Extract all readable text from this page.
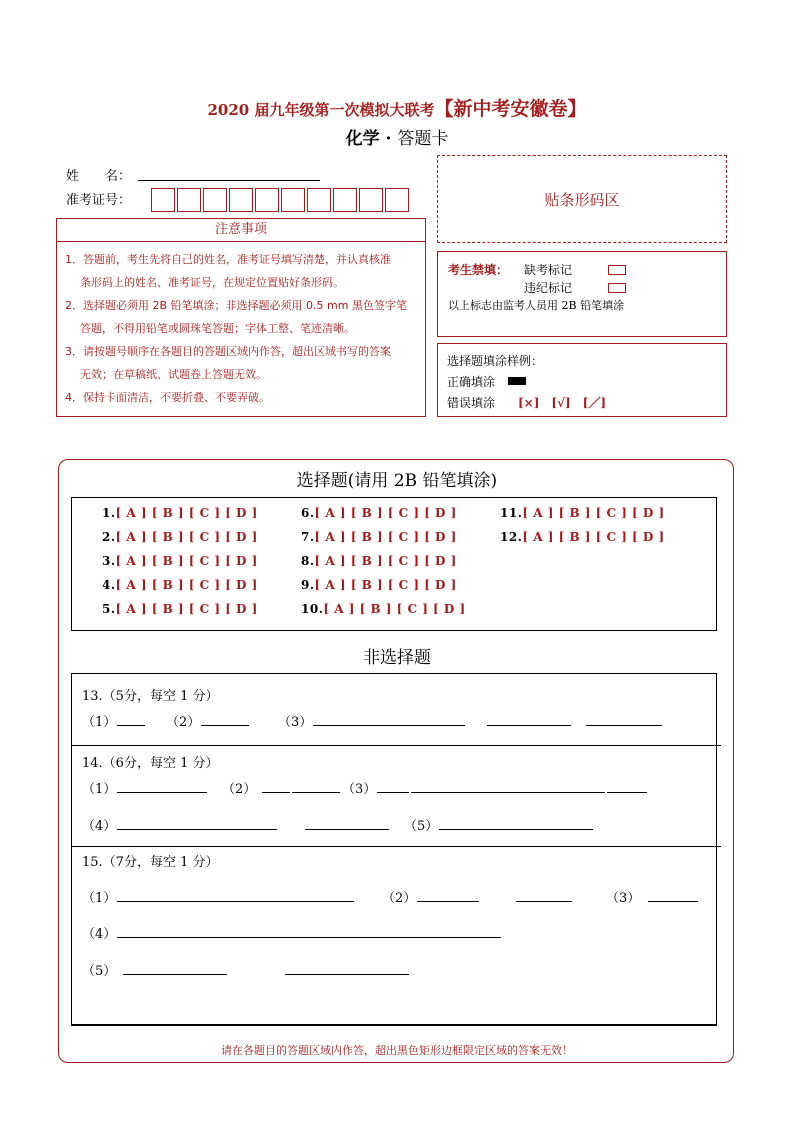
2020 届九年级第一次模拟大联考【新中考安徽卷】
化学 · 答题卡
姓　　名：
准考证号：	贴条形码区
注意事项

1．答题前，考生先将自己的姓名，准考证号填写清楚，并认真核准

条形码上的姓名、准考证号，在规定位置贴好条形码。

2．选择题必须用 2B 铅笔填涂；非选择题必须用 0.5 mm 黑色签字笔

答题，不得用铅笔或圆珠笔答题；字体工整、笔迹清晰。

3．请按题号顺序在各题目的答题区域内作答，超出区域书写的答案

无效；在草稿纸、试题卷上答题无效。

4．保持卡面清洁，不要折叠、不要弄破。

考生禁填： 缺考标记
违纪标记
以上标志由监考人员用 2B 铅笔填涂
选择题填涂样例：
正确填涂
错误填涂 [×]　[√]　[／]
选择题(请用 2B 铅笔填涂)
1.[ A ] [ B ] [ C ] [ D ]
2.[ A ] [ B ] [ C ] [ D ]
3.[ A ] [ B ] [ C ] [ D ]
4.[ A ] [ B ] [ C ] [ D ]
5.[ A ] [ B ] [ C ] [ D ]
6.[ A ] [ B ] [ C ] [ D ]
7.[ A ] [ B ] [ C ] [ D ]
8.[ A ] [ B ] [ C ] [ D ]
9.[ A ] [ B ] [ C ] [ D ]
10.[ A ] [ B ] [ C ] [ D ]
11.[ A ] [ B ] [ C ] [ D ]
12.[ A ] [ B ] [ C ] [ D ]
非选择题
13.（5分，每空 1 分）
（1）	（2）	（3）
14.（6分，每空 1 分）
（1）	（2）	（3）
（4）	（5）
15.（7分，每空 1 分）
（1）	（2）	（3）
（4）
（5）
请在各题目的答题区域内作答，超出黑色矩形边框限定区域的答案无效！
